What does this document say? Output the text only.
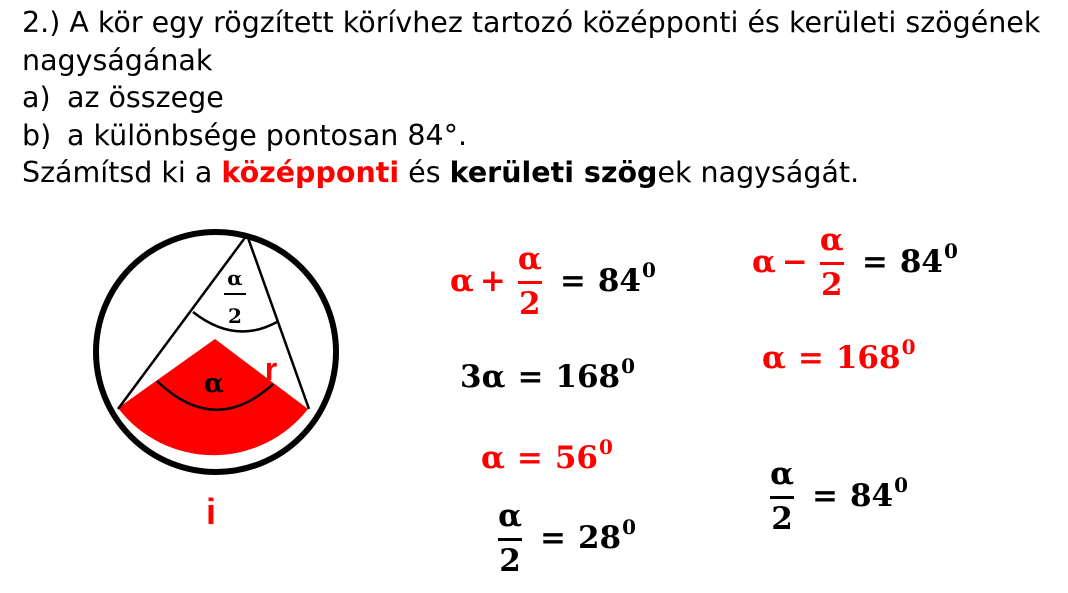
2.) A kör egy rögzített körívhez tartozó középponti és kerületi szögének
nagyságának
a) az összege
b) a különbsége pontosan 84°.
Számítsd ki a középponti és kerületi szögek nagyságát.
α
2
α r
i
$\alpha + \frac{\alpha}{2} = 84^0$
$3\alpha = 168^0$
$\alpha = 56^0$
$\frac{\alpha}{2} = 28^0$
$\alpha - \frac{\alpha}{2} = 84^0$
$\alpha = 168^0$
$\frac{\alpha}{2} = 84^0$
